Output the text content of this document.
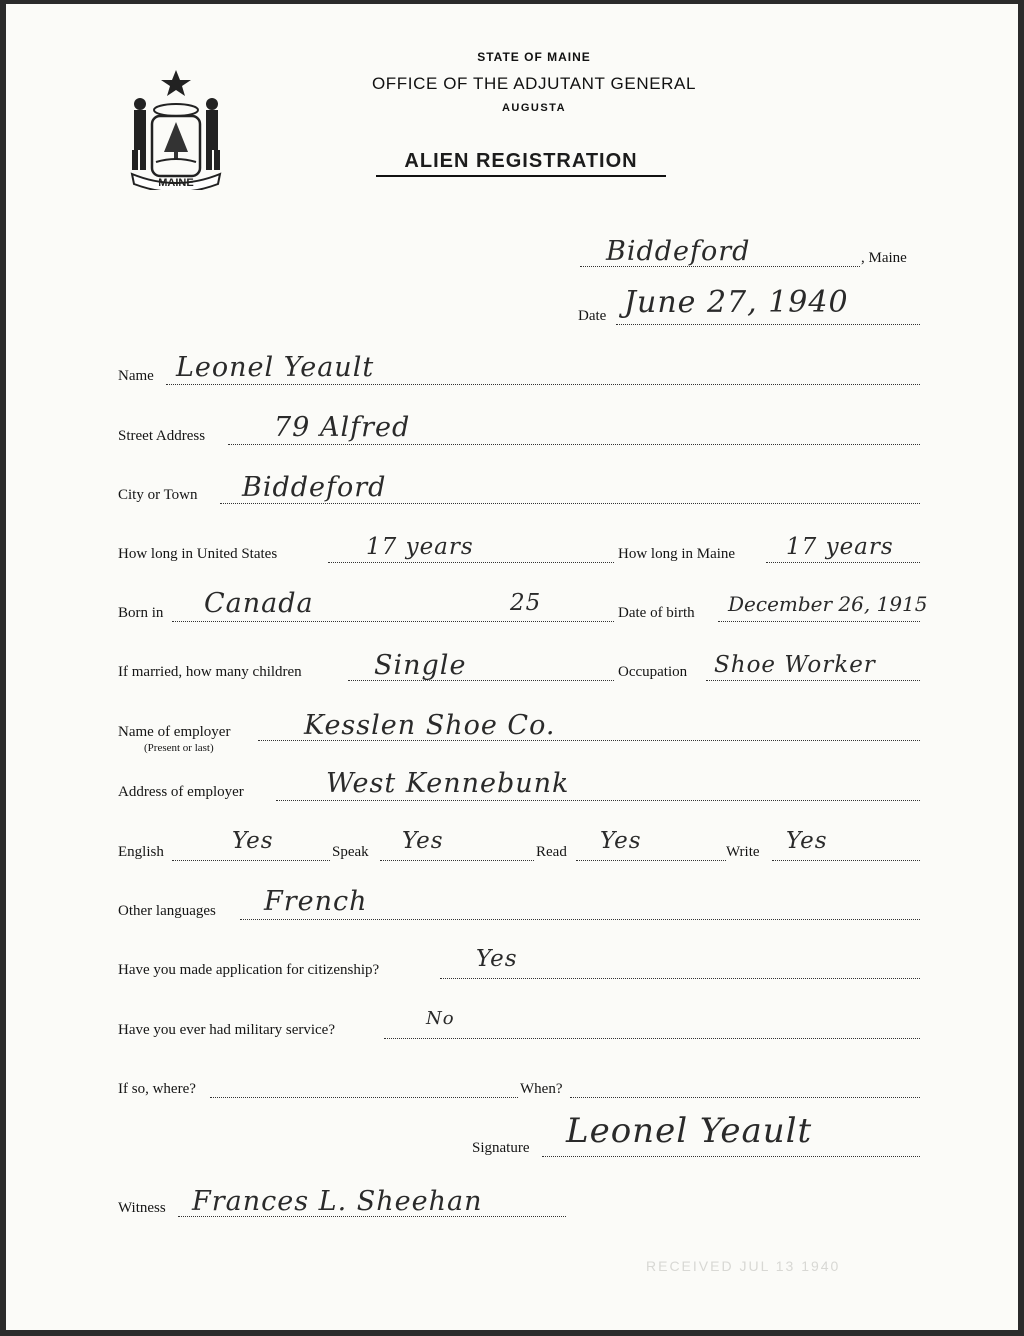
MAINE
STATE OF MAINE
OFFICE OF THE ADJUTANT GENERAL
AUGUSTA
ALIEN REGISTRATION
Biddeford	, Maine
Date June 27, 1940
Name Leonel Yeault
Street Address	79 Alfred
City or Town Biddeford
How long in United States	17 years	How long in Maine 17 years
Born in Canada	25	Date of birth December 26, 1915
If married, how many children	Single	Occupation Shoe Worker
Name of employer
(Present or last)
Kesslen Shoe Co.
Address of employer	West Kennebunk
English	Yes	Speak Yes	Read Yes	Write Yes
Other languages French
Have you made application for citizenship?	Yes
Have you ever had military service?
No
If so, where?	When?
Signature Leonel Yeault
Witness Frances L. Sheehan
RECEIVED JUL 13 1940
